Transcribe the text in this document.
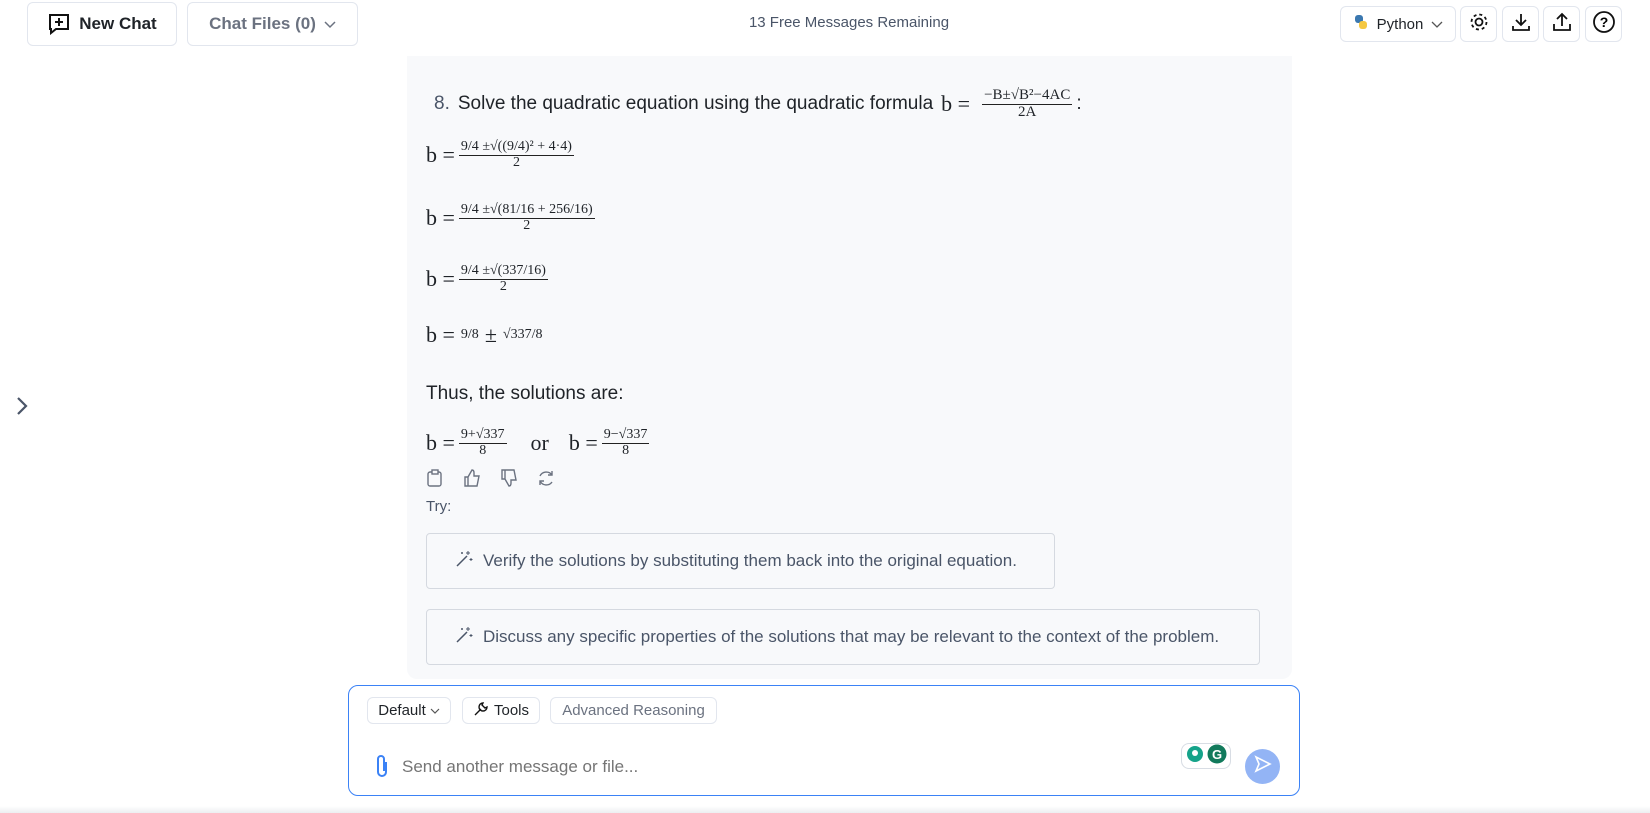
New Chat	Chat Files (0)	13 Free Messages Remaining	Python	?
8. Solve the quadratic equation using the quadratic formula $b = \frac{\text{−B±√B²−4AC}}{2A}$ :
$b = \frac{\text{9/4 ±√((9/4)² + 4·4)}}{2}$
$b = \frac{9/4 \pm√(81/16 + 256/16)}{2}$
$b = \frac{9/4 \pm√(337/16)}{2}$
b = 9/8 ± √337/8
Thus, the solutions are:
$b = \frac{9+√337}{8}$ or $b = \frac{9-√337}{8}$
Try:
Verify the solutions by substituting them back into the original equation.
Discuss any specific properties of the solutions that may be relevant to the context of the problem.
Default	Tools Advanced Reasoning
Send another message or file...
G
